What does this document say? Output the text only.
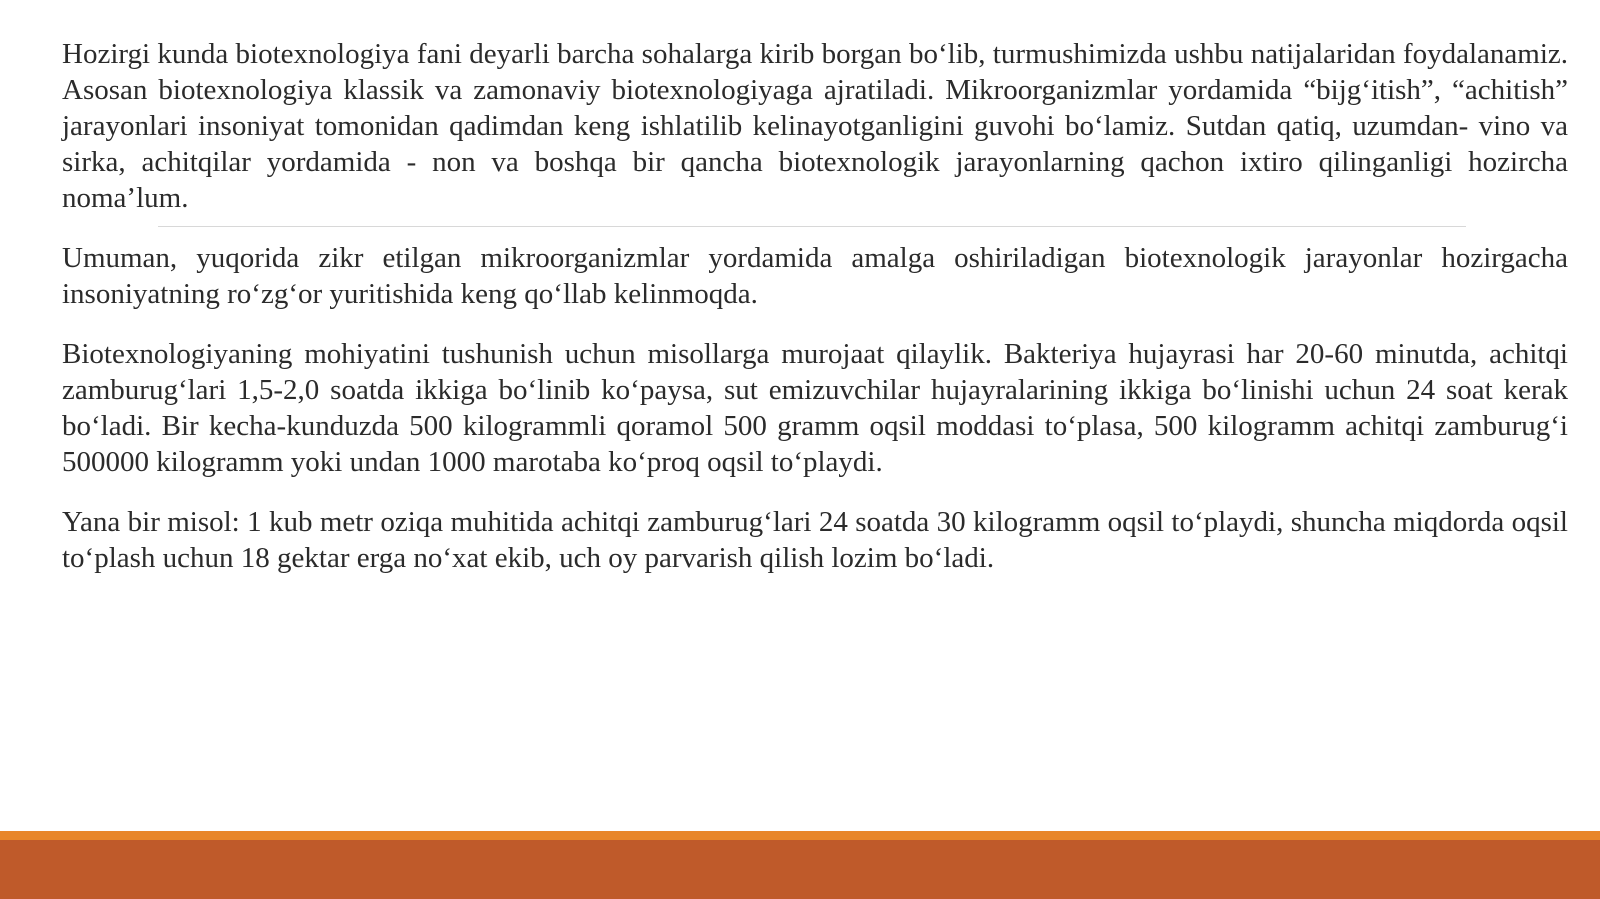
Hozirgi kunda biotexnologiya fani deyarli barcha sohalarga kirib borgan bo‘lib, turmushimizda ushbu natijalaridan foydalanamiz. Asosan biotexnologiya klassik va zamonaviy biotexnologiyaga ajratiladi. Mikroorganizmlar yordamida “bijg‘itish”, “achitish” jarayonlari insoniyat tomonidan qadimdan keng ishlatilib kelinayotganligini guvohi bo‘lamiz. Sutdan qatiq, uzumdan- vino va sirka, achitqilar yordamida - non va boshqa bir qancha biotexnologik jarayonlarning qachon ixtiro qilinganligi hozircha noma’lum.

Umuman, yuqorida zikr etilgan mikroorganizmlar yordamida amalga oshiriladigan biotexnologik jarayonlar hozirgacha insoniyatning ro‘zg‘or yuritishida keng qo‘llab kelinmoqda.

Biotexnologiyaning mohiyatini tushunish uchun misollarga murojaat qilaylik. Bakteriya hujayrasi har 20-60 minutda, achitqi zamburug‘lari 1,5-2,0 soatda ikkiga bo‘linib ko‘paysa, sut emizuvchilar hujayralarining ikkiga bo‘linishi uchun 24 soat kerak bo‘ladi. Bir kecha-kunduzda 500 kilogrammli qoramol 500 gramm oqsil moddasi to‘plasa, 500 kilogramm achitqi zamburug‘i 500000 kilogramm yoki undan 1000 marotaba ko‘proq oqsil to‘playdi.

Yana bir misol: 1 kub metr oziqa muhitida achitqi zamburug‘lari 24 soatda 30 kilogramm oqsil to‘playdi, shuncha miqdorda oqsil to‘plash uchun 18 gektar erga no‘xat ekib, uch oy parvarish qilish lozim bo‘ladi.
